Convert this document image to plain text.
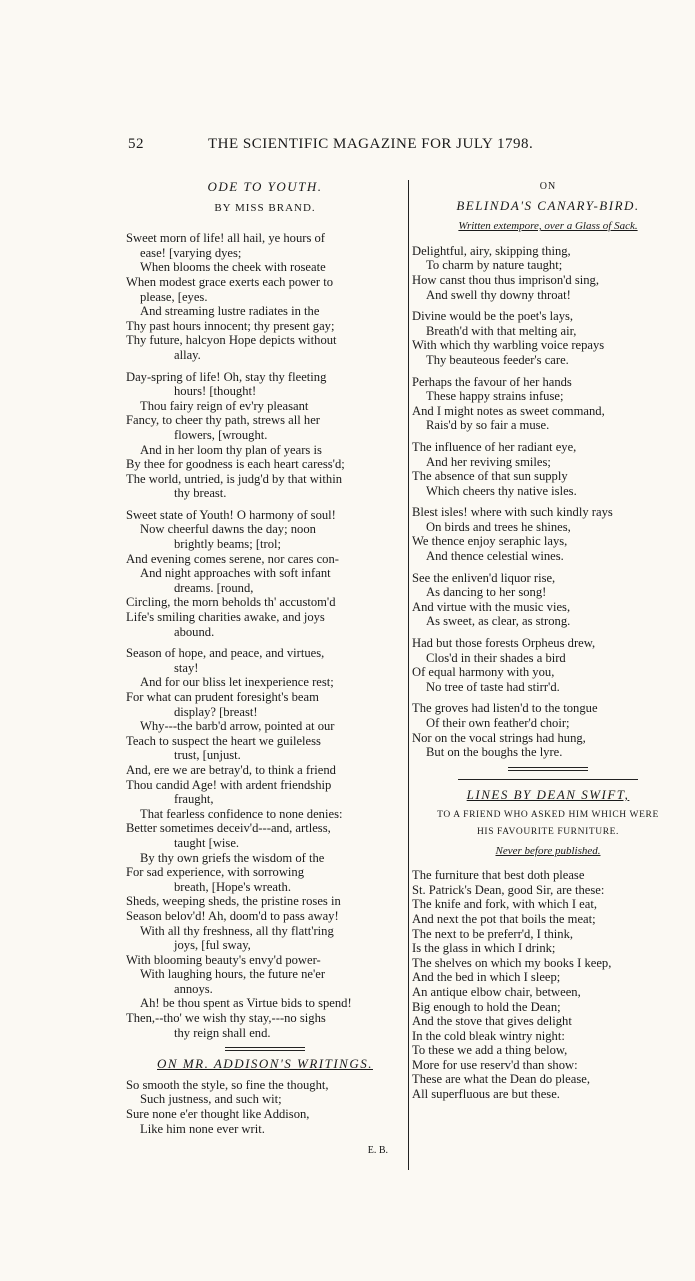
52	THE SCIENTIFIC MAGAZINE FOR JULY 1798.
ODE TO YOUTH.
BY MISS BRAND.
Sweet morn of life! all hail, ye hours of
ease! [varying dyes;
When blooms the cheek with roseate
When modest grace exerts each power to
please, [eyes.
And streaming lustre radiates in the
Thy past hours innocent; thy present gay;
Thy future, halcyon Hope depicts without
allay.
Day-spring of life! Oh, stay thy fleeting
hours! [thought!
Thou fairy reign of ev'ry pleasant
Fancy, to cheer thy path, strews all her
flowers, [wrought.
And in her loom thy plan of years is
By thee for goodness is each heart caress'd;
The world, untried, is judg'd by that within
thy breast.
Sweet state of Youth! O harmony of soul!
Now cheerful dawns the day; noon
brightly beams; [trol;
And evening comes serene, nor cares con-
And night approaches with soft infant
dreams. [round,
Circling, the morn beholds th' accustom'd
Life's smiling charities awake, and joys
abound.
Season of hope, and peace, and virtues,
stay!
And for our bliss let inexperience rest;
For what can prudent foresight's beam
display? [breast!
Why---the barb'd arrow, pointed at our
Teach to suspect the heart we guileless
trust, [unjust.
And, ere we are betray'd, to think a friend
Thou candid Age! with ardent friendship
fraught,
That fearless confidence to none denies:
Better sometimes deceiv'd---and, artless,
taught [wise.
By thy own griefs the wisdom of the
For sad experience, with sorrowing
breath, [Hope's wreath.
Sheds, weeping sheds, the pristine roses in
Season belov'd! Ah, doom'd to pass away!
With all thy freshness, all thy flatt'ring
joys, [ful sway,
With blooming beauty's envy'd power-
With laughing hours, the future ne'er
annoys.
Ah! be thou spent as Virtue bids to spend!
Then,--tho' we wish thy stay,---no sighs
thy reign shall end.
ON MR. ADDISON'S WRITINGS.
So smooth the style, so fine the thought,
Such justness, and such wit;
Sure none e'er thought like Addison,
Like him none ever writ.
E. B.
ON
BELINDA'S CANARY-BIRD.
Written extempore, over a Glass of Sack.
Delightful, airy, skipping thing,
To charm by nature taught;
How canst thou thus imprison'd sing,
And swell thy downy throat!
Divine would be the poet's lays,
Breath'd with that melting air,
With which thy warbling voice repays
Thy beauteous feeder's care.
Perhaps the favour of her hands
These happy strains infuse;
And I might notes as sweet command,
Rais'd by so fair a muse.
The influence of her radiant eye,
And her reviving smiles;
The absence of that sun supply
Which cheers thy native isles.
Blest isles! where with such kindly rays
On birds and trees he shines,
We thence enjoy seraphic lays,
And thence celestial wines.
See the enliven'd liquor rise,
As dancing to her song!
And virtue with the music vies,
As sweet, as clear, as strong.
Had but those forests Orpheus drew,
Clos'd in their shades a bird
Of equal harmony with you,
No tree of taste had stirr'd.
The groves had listen'd to the tongue
Of their own feather'd choir;
Nor on the vocal strings had hung,
But on the boughs the lyre.
LINES BY DEAN SWIFT,
TO A FRIEND WHO ASKED HIM WHICH WERE
HIS FAVOURITE FURNITURE.
Never before published.
The furniture that best doth please
St. Patrick's Dean, good Sir, are these:
The knife and fork, with which I eat,
And next the pot that boils the meat;
The next to be preferr'd, I think,
Is the glass in which I drink;
The shelves on which my books I keep,
And the bed in which I sleep;
An antique elbow chair, between,
Big enough to hold the Dean;
And the stove that gives delight
In the cold bleak wintry night:
To these we add a thing below,
More for use reserv'd than show:
These are what the Dean do please,
All superfluous are but these.
